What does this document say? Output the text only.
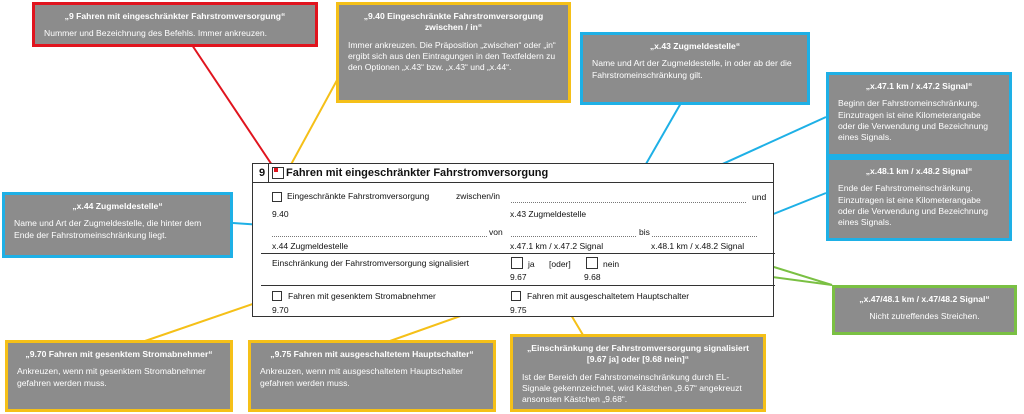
9 Fahren mit eingeschränkter Fahrstromversorgung
Eingeschränkte Fahrstromversorgung	zwischen/in	und
9.40	x.43 Zugmeldestelle
von	bis
x.44 Zugmeldestelle	x.47.1 km / x.47.2 Signal	x.48.1 km / x.48.2 Signal
Einschränkung der Fahrstromversorgung signalisiert	ja [oder]	nein
9.67	9.68
Fahren mit gesenktem Stromabnehmer
9.70
Fahren mit ausgeschaltetem Hauptschalter
9.75
„9 Fahren mit eingeschränkter Fahrstromversorgung“
Nummer und Bezeichnung des Befehls. Immer ankreuzen.
„9.40 Eingeschränkte Fahrstromversorgung zwischen / in“
Immer ankreuzen. Die Präposition „zwischen“ oder „in“ ergibt sich aus den Eintragungen in den Textfeldern zu den Optionen „x.43“ bzw. „x.43“ und „x.44“.
„x.43 Zugmeldestelle“
Name und Art der Zugmeldestelle, in oder ab der die Fahrstromeinschränkung gilt.
„x.47.1 km / x.47.2 Signal“
Beginn der Fahrstromeinschränkung. Einzutragen ist eine Kilometerangabe oder die Verwendung und Bezeichnung eines Signals.
„x.48.1 km / x.48.2 Signal“
Ende der Fahrstromeinschränkung. Einzutragen ist eine Kilometerangabe oder die Verwendung und Bezeichnung eines Signals.
„x.44 Zugmeldestelle“
Name und Art der Zugmeldestelle, die hinter dem Ende der Fahrstromeinschränkung liegt.
„x.47/48.1 km / x.47/48.2 Signal“
Nicht zutreffendes Streichen.
„9.70 Fahren mit gesenktem Stromabnehmer“
Ankreuzen, wenn mit gesenktem Stromabnehmer gefahren werden muss.
„9.75 Fahren mit ausgeschaltetem Hauptschalter“
Ankreuzen, wenn mit ausgeschaltetem Hauptschalter gefahren werden muss.
„Einschränkung der Fahrstromversorgung signalisiert [9.67 ja] oder [9.68 nein]“
Ist der Bereich der Fahrstromeinschränkung durch EL-Signale gekennzeichnet, wird Kästchen „9.67“ angekreuzt ansonsten Kästchen „9.68“.
